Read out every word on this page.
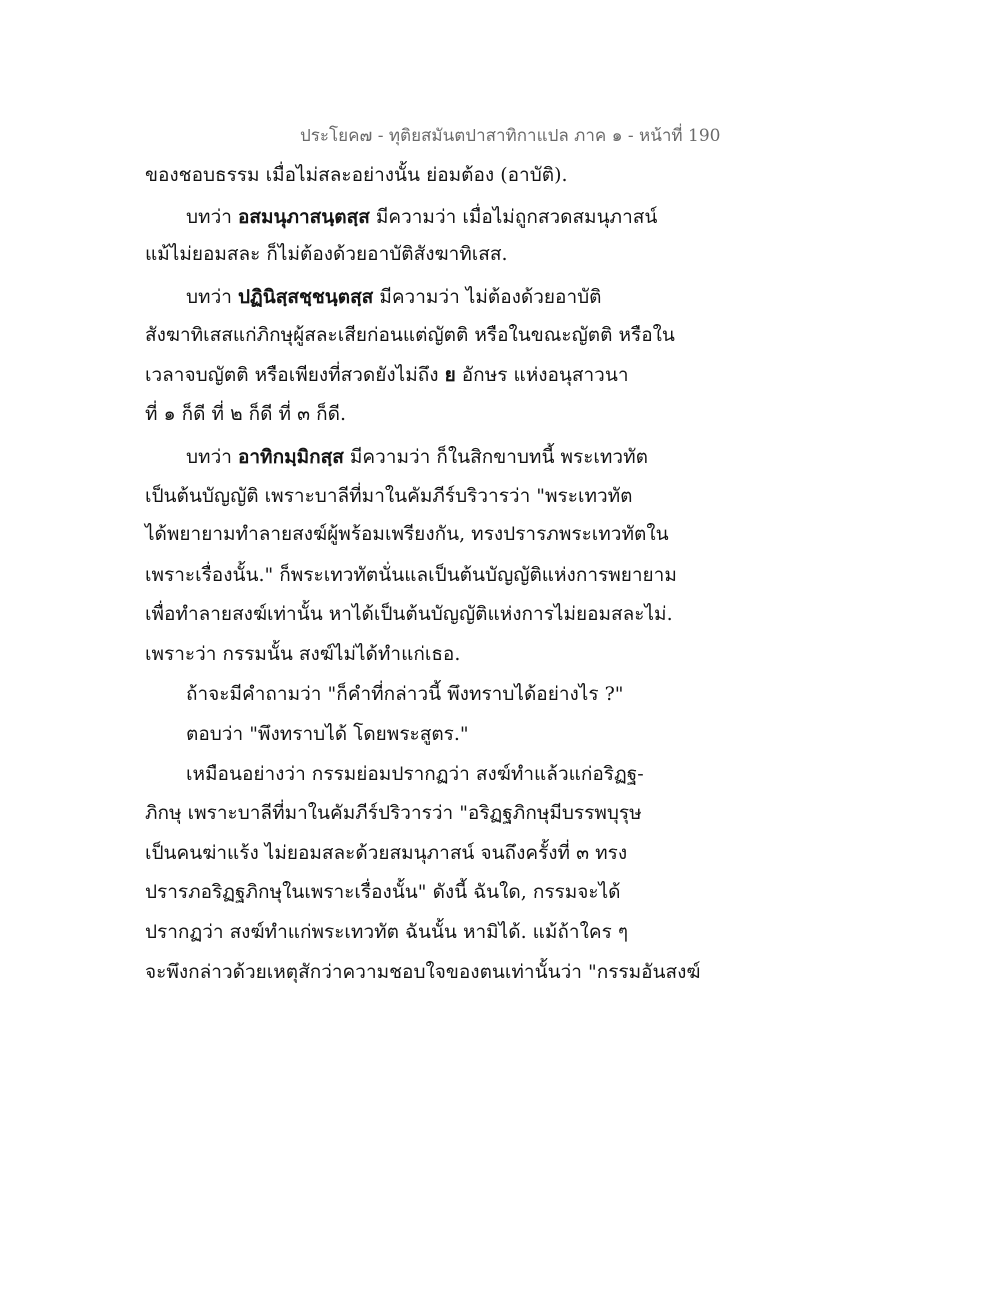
ประโยค๗ - ทุติยสมันตปาสาทิกาแปล ภาค ๑ - หน้าที่ 190
ของชอบธรรม เมื่อไม่สละอย่างนั้น ย่อมต้อง (อาบัติ).
บทว่า อสมนุภาสนฺตสฺส มีความว่า เมื่อไม่ถูกสวดสมนุภาสน์
แม้ไม่ยอมสละ ก็ไม่ต้องด้วยอาบัติสังฆาทิเสส.
บทว่า ปฏินิสฺสชฺชนฺตสฺส มีความว่า ไม่ต้องด้วยอาบัติ
สังฆาทิเสสแก่ภิกษุผู้สละเสียก่อนแต่ญัตติ หรือในขณะญัตติ หรือใน
เวลาจบญัตติ หรือเพียงที่สวดยังไม่ถึง ย อักษร แห่งอนุสาวนา
ที่ ๑ ก็ดี ที่ ๒ ก็ดี ที่ ๓ ก็ดี.
บทว่า อาทิกมฺมิกสฺส มีความว่า ก็ในสิกขาบทนี้ พระเทวทัต
เป็นต้นบัญญัติ เพราะบาลีที่มาในคัมภีร์บริวารว่า "พระเทวทัต
ได้พยายามทำลายสงฆ์ผู้พร้อมเพรียงกัน, ทรงปรารภพระเทวทัตใน
เพราะเรื่องนั้น." ก็พระเทวทัตนั่นแลเป็นต้นบัญญัติแห่งการพยายาม
เพื่อทำลายสงฆ์เท่านั้น หาได้เป็นต้นบัญญัติแห่งการไม่ยอมสละไม่.
เพราะว่า กรรมนั้น สงฆ์ไม่ได้ทำแก่เธอ.
ถ้าจะมีคำถามว่า "ก็คำที่กล่าวนี้ พึงทราบได้อย่างไร ?"
ตอบว่า "พึงทราบได้ โดยพระสูตร."
เหมือนอย่างว่า กรรมย่อมปรากฏว่า สงฆ์ทำแล้วแก่อริฏฐ-
ภิกษุ เพราะบาลีที่มาในคัมภีร์ปริวารว่า "อริฏฐภิกษุมีบรรพบุรุษ
เป็นคนฆ่าแร้ง ไม่ยอมสละด้วยสมนุภาสน์ จนถึงครั้งที่ ๓ ทรง
ปรารภอริฏฐภิกษุในเพราะเรื่องนั้น" ดังนี้ ฉันใด, กรรมจะได้
ปรากฏว่า สงฆ์ทำแก่พระเทวทัต ฉันนั้น หามิได้. แม้ถ้าใคร ๆ
จะพึงกล่าวด้วยเหตุสักว่าความชอบใจของตนเท่านั้นว่า "กรรมอันสงฆ์
